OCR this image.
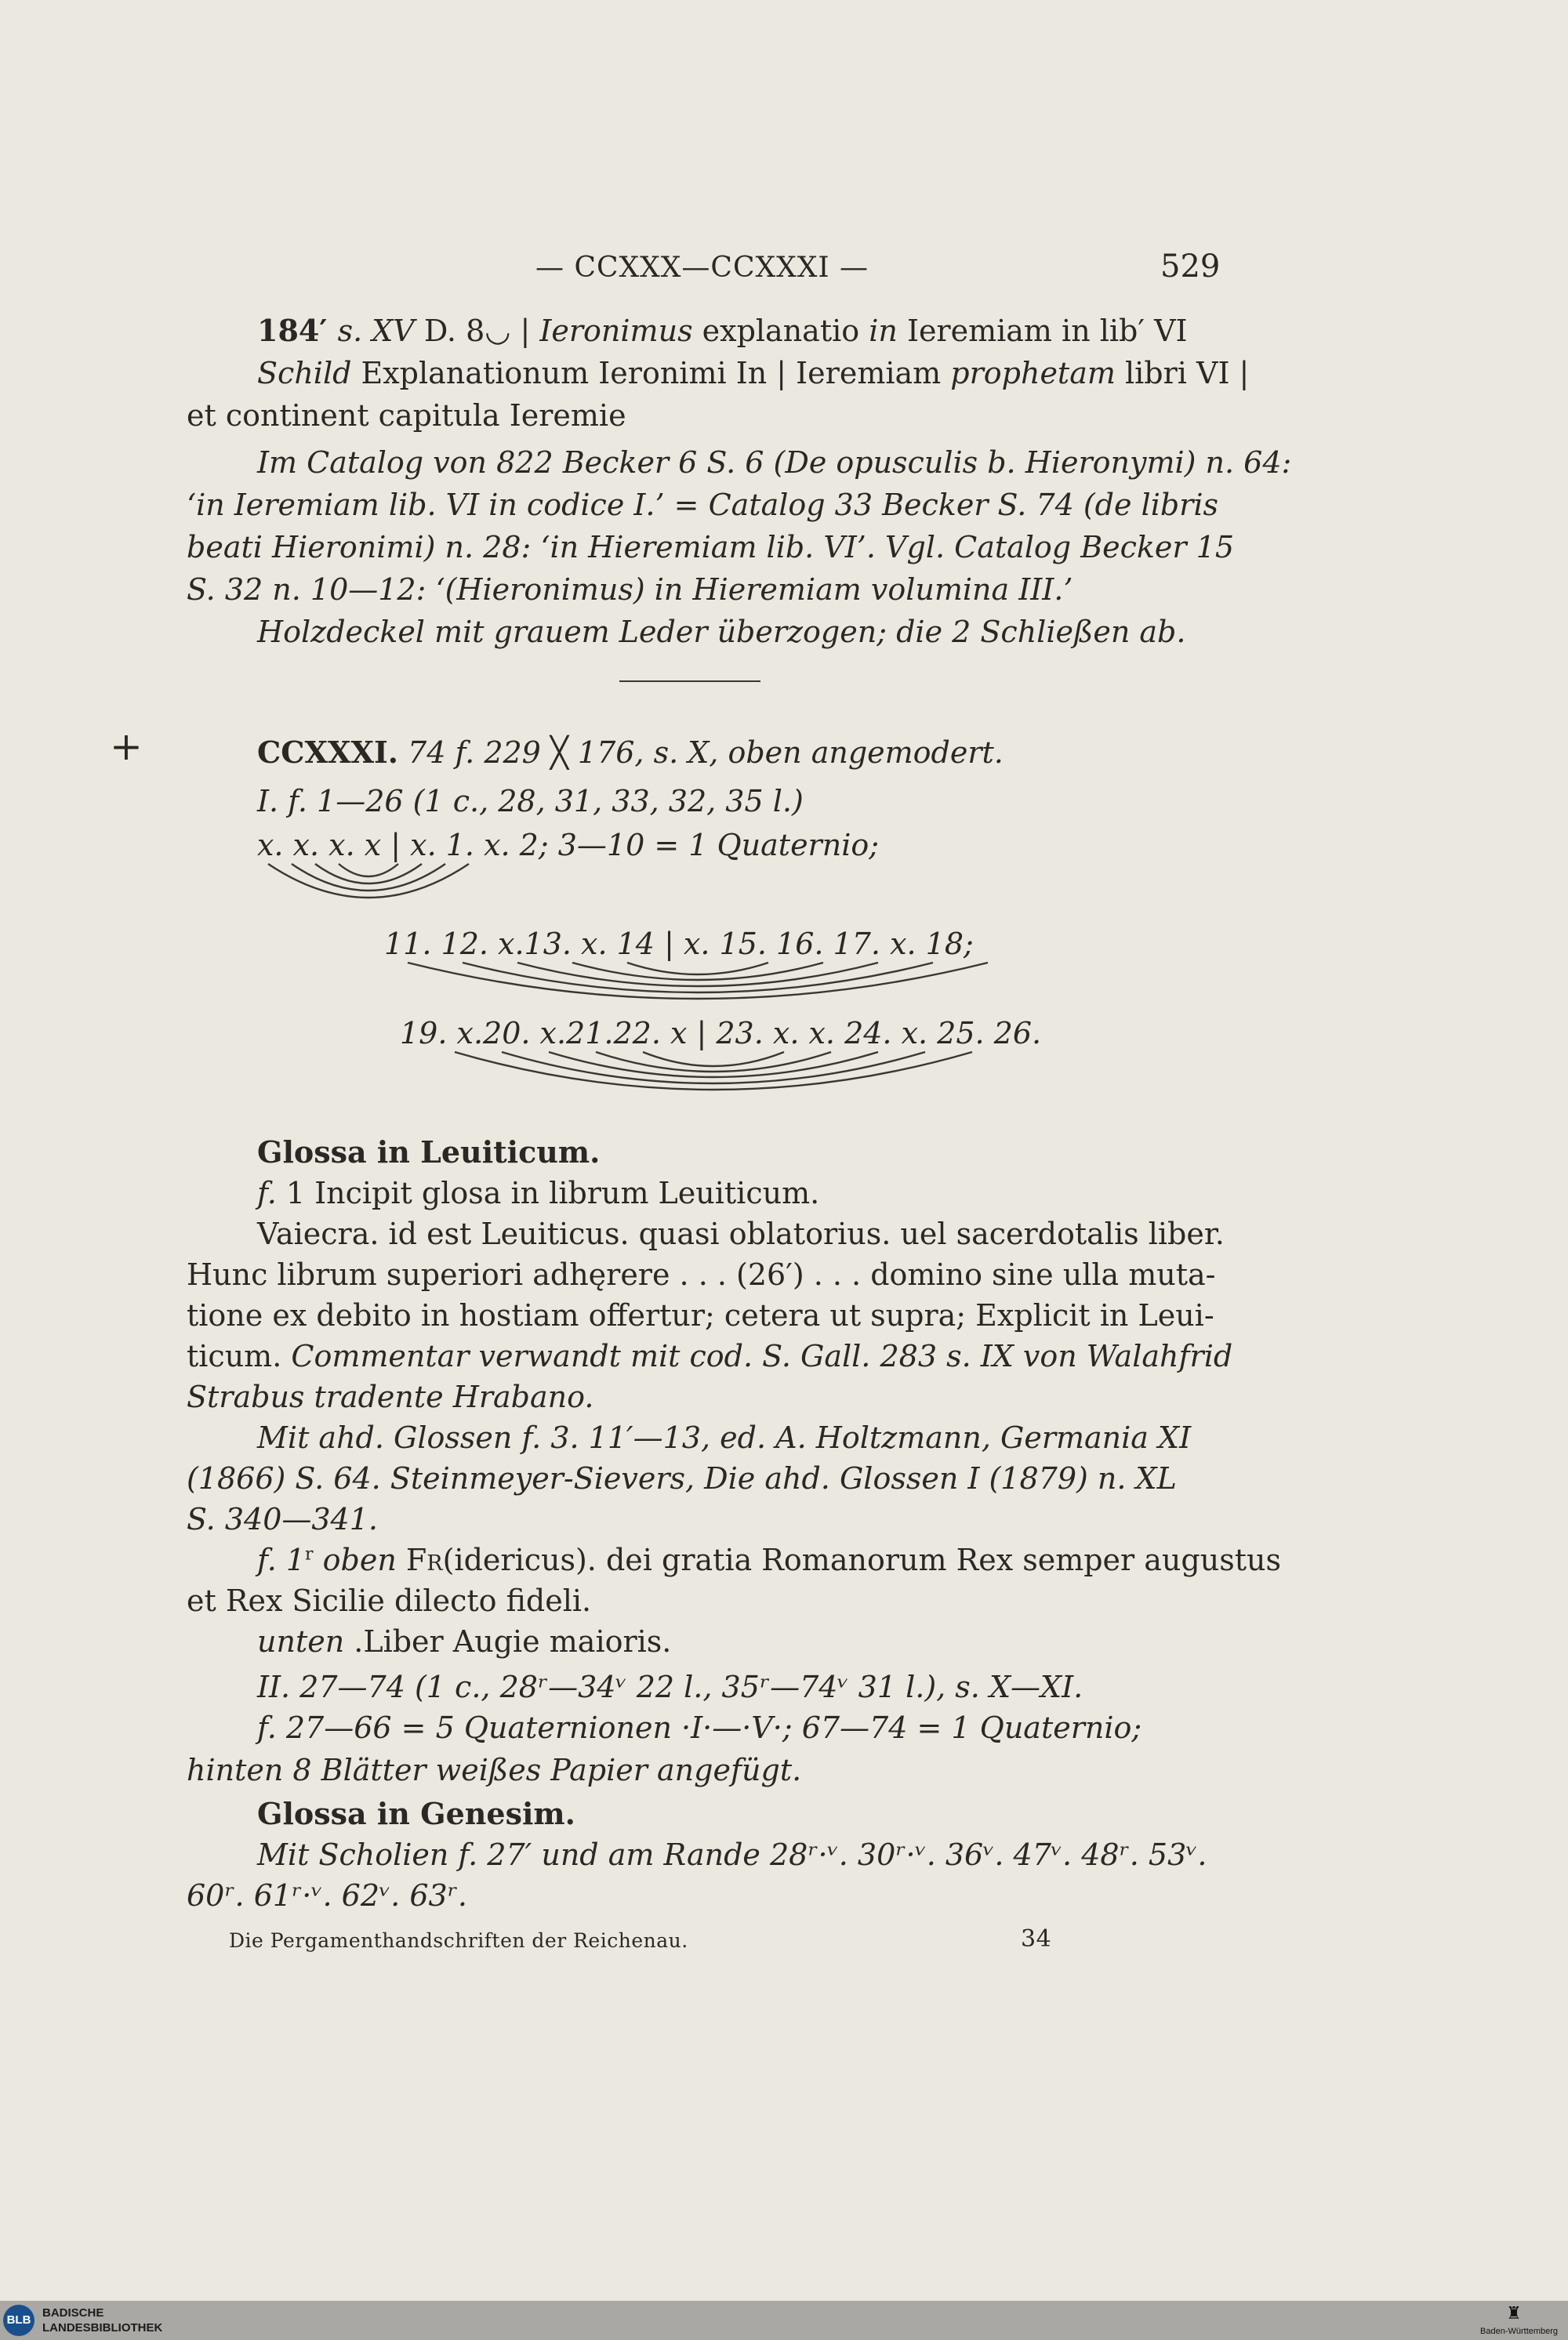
— CCXXX—CCXXXI —	529
184′ s. XV D. 8◡ | Ieronimus explanatio in Ieremiam in lib′ VI
Schild Explanationum Ieronimi In | Ieremiam prophetam libri VI |
et continent capitula Ieremie
Im Catalog von 822 Becker 6 S. 6 (De opusculis b. Hieronymi) n. 64:
‘in Ieremiam lib. VI in codice I.’ = Catalog 33 Becker S. 74 (de libris
beati Hieronimi) n. 28: ‘in Hieremiam lib. VI’. Vgl. Catalog Becker 15
S. 32 n. 10—12: ‘(Hieronimus) in Hieremiam volumina III.’
Holzdeckel mit grauem Leder überzogen; die 2 Schließen ab.
+	CCXXXI. 74 f. 229 ╳ 176, s. X, oben angemodert.
I. f. 1—26 (1 c., 28, 31, 33, 32, 35 l.)
x. x. x. x | x. 1. x. 2; 3—10 = 1 Quaternio;
11. 12. x.13. x. 14 | x. 15. 16. 17. x. 18;
19. x.20. x.21.22. x | 23. x. x. 24. x. 25. 26.
Glossa in Leuiticum.
f. 1 Incipit glosa in librum Leuiticum.
Vaiecra. id est Leuiticus. quasi oblatorius. uel sacerdotalis liber.
Hunc librum superiori adhęrere . . . (26′) . . . domino sine ulla muta-
tione ex debito in hostiam offertur; cetera ut supra; Explicit in Leui-
ticum. Commentar verwandt mit cod. S. Gall. 283 s. IX von Walahfrid
Strabus tradente Hrabano.
Mit ahd. Glossen f. 3. 11′—13, ed. A. Holtzmann, Germania XI
(1866) S. 64. Steinmeyer-Sievers, Die ahd. Glossen I (1879) n. XL
S. 340—341.
f. 1$^r$ oben Fr(idericus). dei gratia Romanorum Rex semper augustus
et Rex Sicilie dilecto fideli.
unten .Liber Augie maioris.
II. 27—74 (1 c., 28ʳ—34ᵛ 22 l., 35ʳ—74ᵛ 31 l.), s. X—XI.
f. 27—66 = 5 Quaternionen ·I·—·V·; 67—74 = 1 Quaternio;
hinten 8 Blätter weißes Papier angefügt.
Glossa in Genesim.
Mit Scholien f. 27′ und am Rande 28ʳ·ᵛ. 30ʳ·ᵛ. 36ᵛ. 47ᵛ. 48ʳ. 53ᵛ.
60ʳ. 61ʳ·ᵛ. 62ᵛ. 63ʳ.
Die Pergamenthandschriften der Reichenau.	34
BLB
BADISCHE
LANDESBIBLIOTHEK
♜
Baden-Württemberg
